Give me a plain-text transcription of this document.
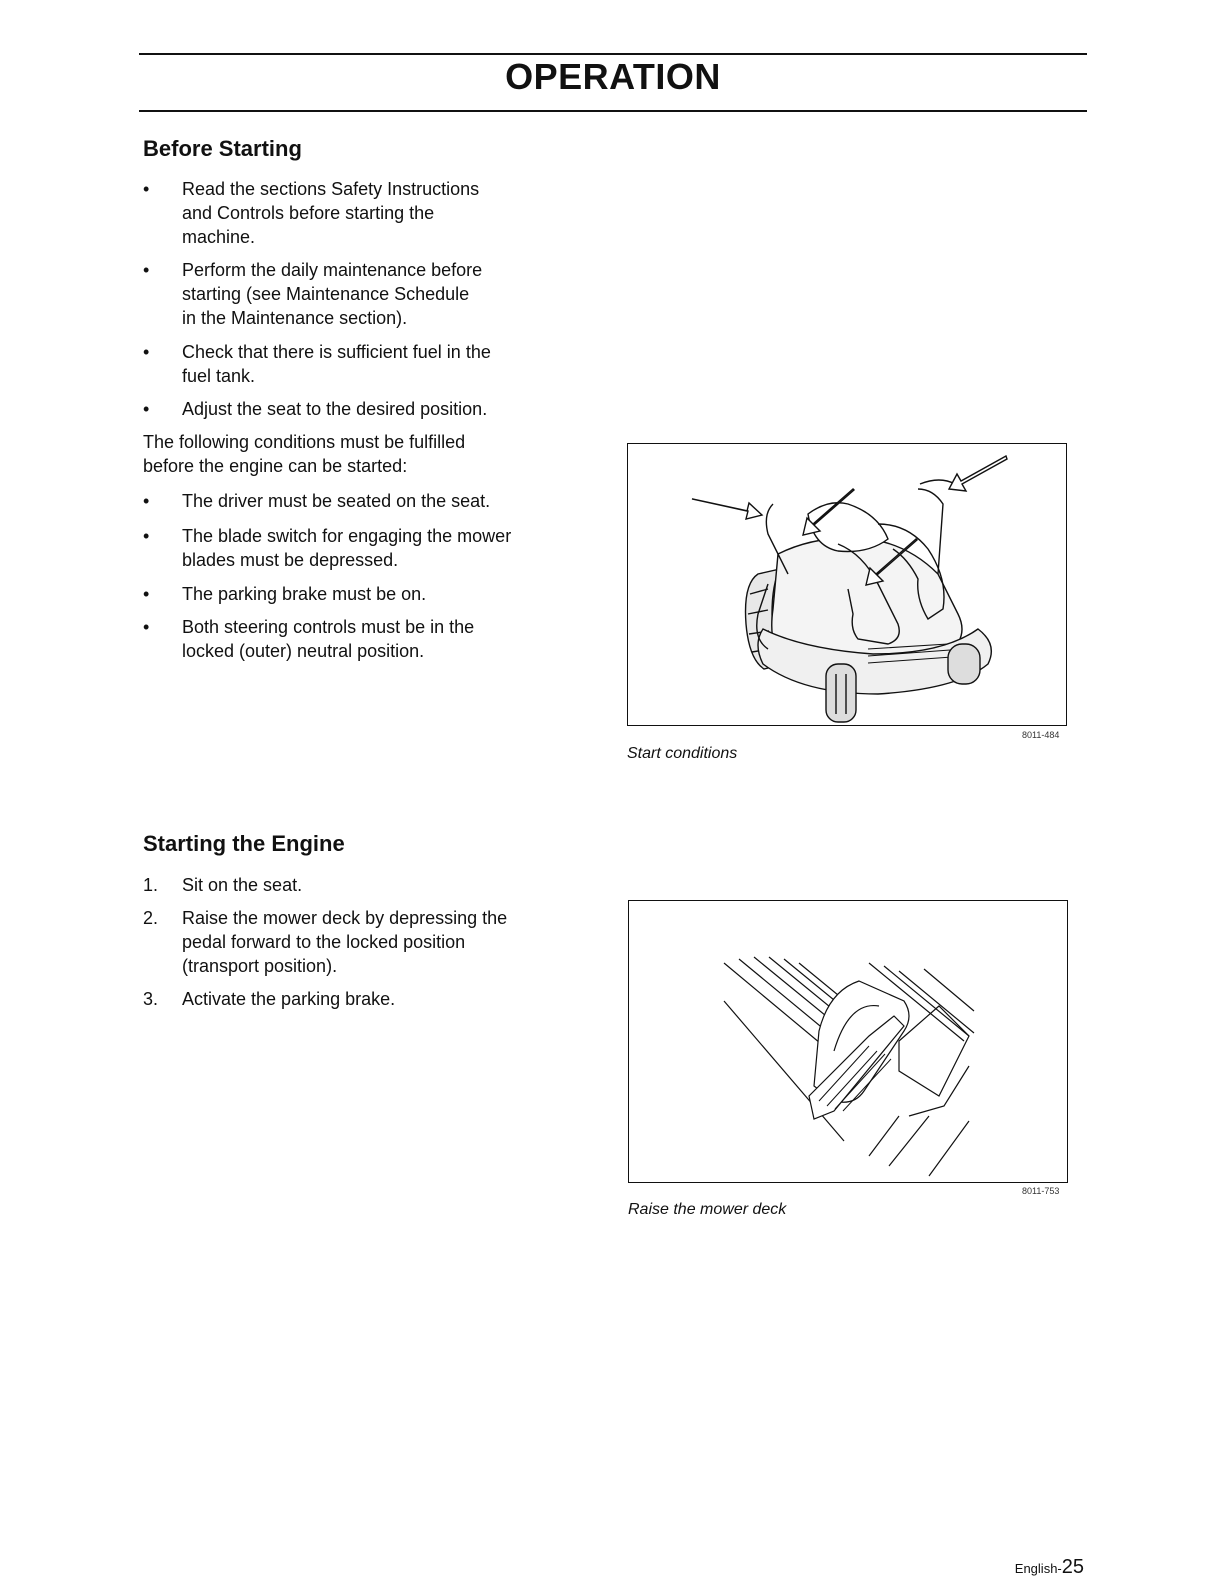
OPERATION
Before Starting
•	Read the sections Safety Instructions
and Controls before starting the
machine.
•	Perform the daily maintenance before
starting (see Maintenance Schedule
in the Maintenance section).
•	Check that there is sufficient fuel in the
fuel tank.
•	Adjust the seat to the desired position.
The following conditions must be fulfilled
before the engine can be started:
•	The driver must be seated on the seat.
•	The blade switch for engaging the mower
blades must be depressed.
•	The parking brake must be on.
•	Both steering controls must be in the
locked (outer) neutral position.
8011-484
Start conditions
Starting the Engine
1.	Sit on the seat.
2.	Raise the mower deck by depressing the
pedal forward to the locked position
(transport position).
3.	Activate the parking brake.
8011-753
Raise the mower deck
English-25
